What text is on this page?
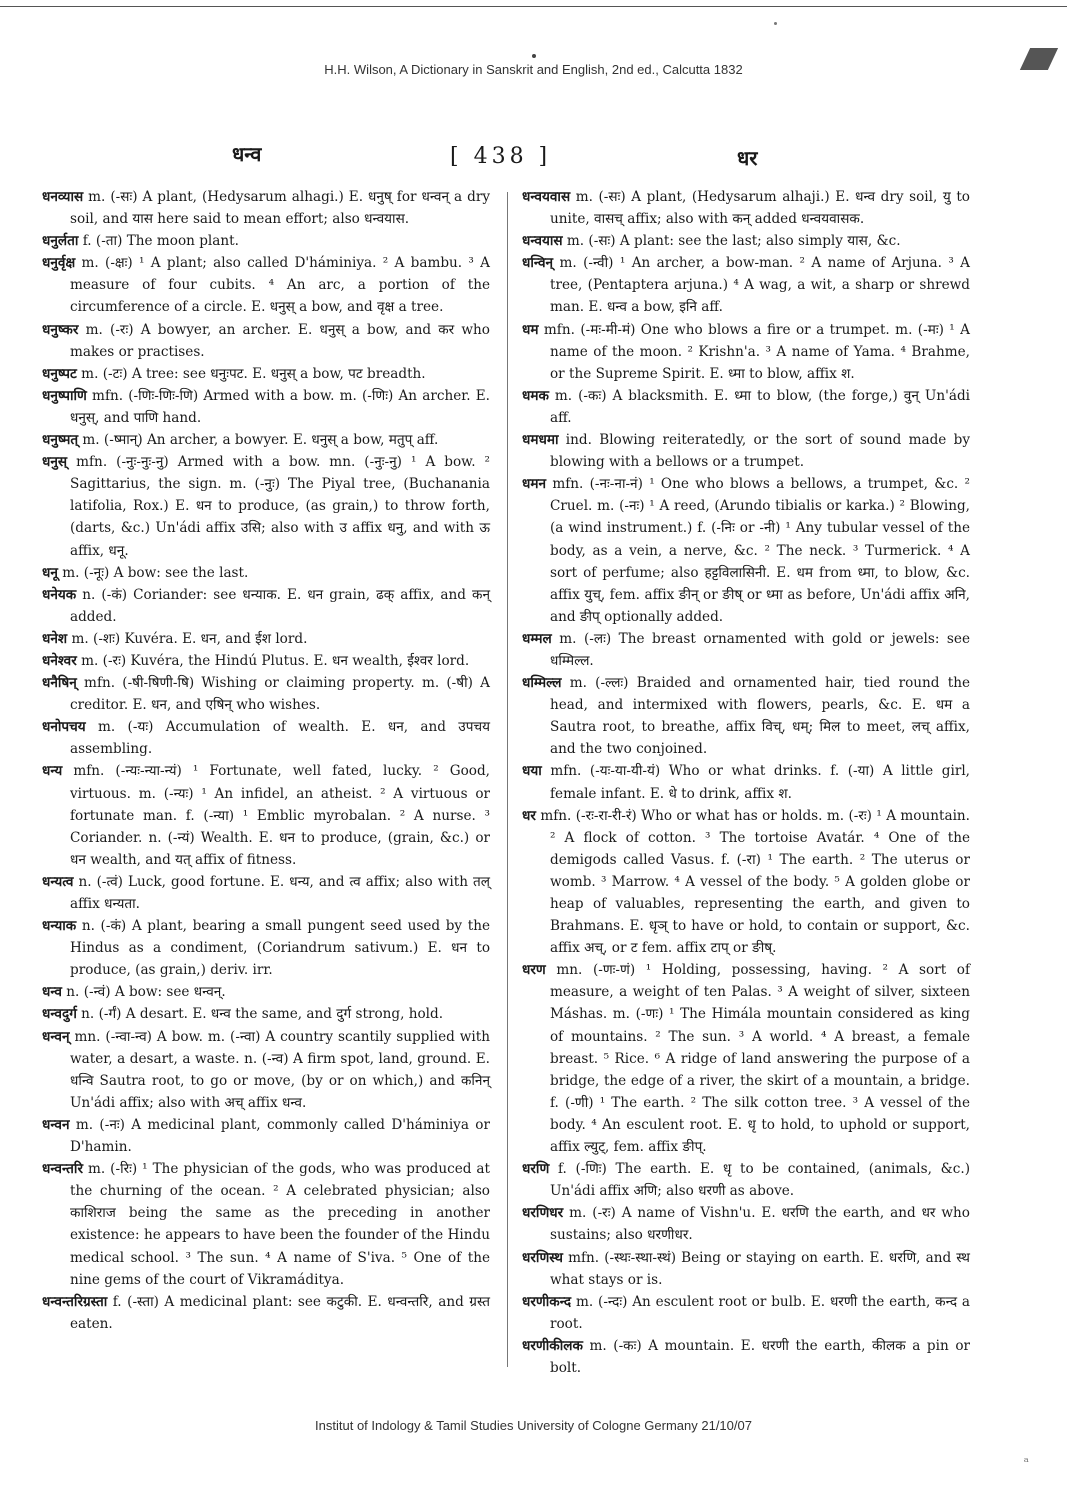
H.H. Wilson, A Dictionary in Sanskrit and English, 2nd ed., Calcutta 1832
धन्व	[ 438 ]	धर

धनव्यास m. (-सः) A plant, (Hedysarum alhagi.) E. धनुष् for धन्वन् a dry soil, and यास here said to mean effort; also धन्वयास.

धनुर्लता f. (-ता) The moon plant.

धनुर्वृक्ष m. (-क्षः) ¹ A plant; also called D'háminiya. ² A bambu. ³ A measure of four cubits. ⁴ An arc, a portion of the circumference of a circle. E. धनुस् a bow, and वृक्ष a tree.

धनुष्कर m. (-रः) A bowyer, an archer. E. धनुस् a bow, and कर who makes or practises.

धनुष्पट m. (-टः) A tree: see धनुःपट. E. धनुस् a bow, पट breadth.

धनुष्पाणि mfn. (-णिः-णिः-णि) Armed with a bow. m. (-णिः) An archer. E. धनुस्, and पाणि hand.

धनुष्मत् m. (-ष्मान्) An archer, a bowyer. E. धनुस् a bow, मतुप् aff.

धनुस् mfn. (-नुः-नुः-नु) Armed with a bow. mn. (-नुः-नु) ¹ A bow. ² Sagittarius, the sign. m. (-नुः) The Piyal tree, (Buchanania latifolia, Rox.) E. धन to produce, (as grain,) to throw forth, (darts, &c.) Un'ádi affix उसि; also with उ affix धनु, and with ऊ affix, धनू.

धनू m. (-नूः) A bow: see the last.

धनेयक n. (-कं) Coriander: see धन्याक. E. धन grain, ढक् affix, and कन् added.

धनेश m. (-शः) Kuvéra. E. धन, and ईश lord.

धनेश्वर m. (-रः) Kuvéra, the Hindú Plutus. E. धन wealth, ईश्वर lord.

धनैषिन् mfn. (-षी-षिणी-षि) Wishing or claiming property. m. (-षी) A creditor. E. धन, and एषिन् who wishes.

धनोपचय m. (-यः) Accumulation of wealth. E. धन, and उपचय assembling.

धन्य mfn. (-न्यः-न्या-न्यं) ¹ Fortunate, well fated, lucky. ² Good, virtuous. m. (-न्यः) ¹ An infidel, an atheist. ² A virtuous or fortunate man. f. (-न्या) ¹ Emblic myrobalan. ² A nurse. ³ Coriander. n. (-न्यं) Wealth. E. धन to produce, (grain, &c.) or धन wealth, and यत् affix of fitness.

धन्यत्व n. (-त्वं) Luck, good fortune. E. धन्य, and त्व affix; also with तल् affix धन्यता.

धन्याक n. (-कं) A plant, bearing a small pungent seed used by the Hindus as a condiment, (Coriandrum sativum.) E. धन to produce, (as grain,) deriv. irr.

धन्व n. (-न्वं) A bow: see धन्वन्.

धन्वदुर्ग n. (-र्गं) A desart. E. धन्व the same, and दुर्ग strong, hold.

धन्वन् mn. (-न्वा-न्व) A bow. m. (-न्वा) A country scantily supplied with water, a desart, a waste. n. (-न्व) A firm spot, land, ground. E. धन्वि Sautra root, to go or move, (by or on which,) and कनिन् Un'ádi affix; also with अच् affix धन्व.

धन्वन m. (-नः) A medicinal plant, commonly called D'háminiya or D'hamin.

धन्वन्तरि m. (-रिः) ¹ The physician of the gods, who was produced at the churning of the ocean. ² A celebrated physician; also काशिराज being the same as the preceding in another existence: he appears to have been the founder of the Hindu medical school. ³ The sun. ⁴ A name of S'iva. ⁵ One of the nine gems of the court of Vikramáditya.

धन्वन्तरिग्रस्ता f. (-स्ता) A medicinal plant: see कटुकी. E. धन्वन्तरि, and ग्रस्त eaten.

धन्वयवास m. (-सः) A plant, (Hedysarum alhaji.) E. धन्व dry soil, यु to unite, वासच् affix; also with कन् added धन्वयवासक.

धन्वयास m. (-सः) A plant: see the last; also simply यास, &c.

धन्विन् m. (-न्वी) ¹ An archer, a bow-man. ² A name of Arjuna. ³ A tree, (Pentaptera arjuna.) ⁴ A wag, a wit, a sharp or shrewd man. E. धन्व a bow, इनि aff.

धम mfn. (-मः-मी-मं) One who blows a fire or a trumpet. m. (-मः) ¹ A name of the moon. ² Krishn'a. ³ A name of Yama. ⁴ Brahme, or the Supreme Spirit. E. ध्मा to blow, affix श.

धमक m. (-कः) A blacksmith. E. ध्मा to blow, (the forge,) वुन् Un'ádi aff.

धमधमा ind. Blowing reiteratedly, or the sort of sound made by blowing with a bellows or a trumpet.

धमन mfn. (-नः-ना-नं) ¹ One who blows a bellows, a trumpet, &c. ² Cruel. m. (-नः) ¹ A reed, (Arundo tibialis or karka.) ² Blowing, (a wind instrument.) f. (-निः or -नी) ¹ Any tubular vessel of the body, as a vein, a nerve, &c. ² The neck. ³ Turmerick. ⁴ A sort of perfume; also हट्टविलासिनी. E. धम from ध्मा, to blow, &c. affix युच्, fem. affix ङीन् or ङीष् or ध्मा as before, Un'ádi affix अनि, and ङीप् optionally added.

धम्मल m. (-लः) The breast ornamented with gold or jewels: see धम्मिल्ल.

धम्मिल्ल m. (-ल्लः) Braided and ornamented hair, tied round the head, and intermixed with flowers, pearls, &c. E. धम a Sautra root, to breathe, affix विच्, धम्; मिल to meet, लच् affix, and the two conjoined.

धया mfn. (-यः-या-यी-यं) Who or what drinks. f. (-या) A little girl, female infant. E. धे to drink, affix श.

धर mfn. (-रः-रा-री-रं) Who or what has or holds. m. (-रः) ¹ A mountain. ² A flock of cotton. ³ The tortoise Avatár. ⁴ One of the demigods called Vasus. f. (-रा) ¹ The earth. ² The uterus or womb. ³ Marrow. ⁴ A vessel of the body. ⁵ A golden globe or heap of valuables, representing the earth, and given to Brahmans. E. धृञ् to have or hold, to contain or support, &c. affix अच्, or ट fem. affix टाप् or ङीष्.

धरण mn. (-णः-णं) ¹ Holding, possessing, having. ² A sort of measure, a weight of ten Palas. ³ A weight of silver, sixteen Máshas. m. (-णः) ¹ The Himála mountain considered as king of mountains. ² The sun. ³ A world. ⁴ A breast, a female breast. ⁵ Rice. ⁶ A ridge of land answering the purpose of a bridge, the edge of a river, the skirt of a mountain, a bridge. f. (-णी) ¹ The earth. ² The silk cotton tree. ³ A vessel of the body. ⁴ An esculent root. E. धृ to hold, to uphold or support, affix ल्युट्, fem. affix ङीप्.

धरणि f. (-णिः) The earth. E. धृ to be contained, (animals, &c.) Un'ádi affix अणि; also धरणी as above.

धरणिधर m. (-रः) A name of Vishn'u. E. धरणि the earth, and धर who sustains; also धरणीधर.

धरणिस्थ mfn. (-स्थः-स्था-स्थं) Being or staying on earth. E. धरणि, and स्थ what stays or is.

धरणीकन्द m. (-न्दः) An esculent root or bulb. E. धरणी the earth, कन्द a root.

धरणीकीलक m. (-कः) A mountain. E. धरणी the earth, कीलक a pin or bolt.

Institut of Indology & Tamil Studies University of Cologne Germany 21/10/07
ₐ
